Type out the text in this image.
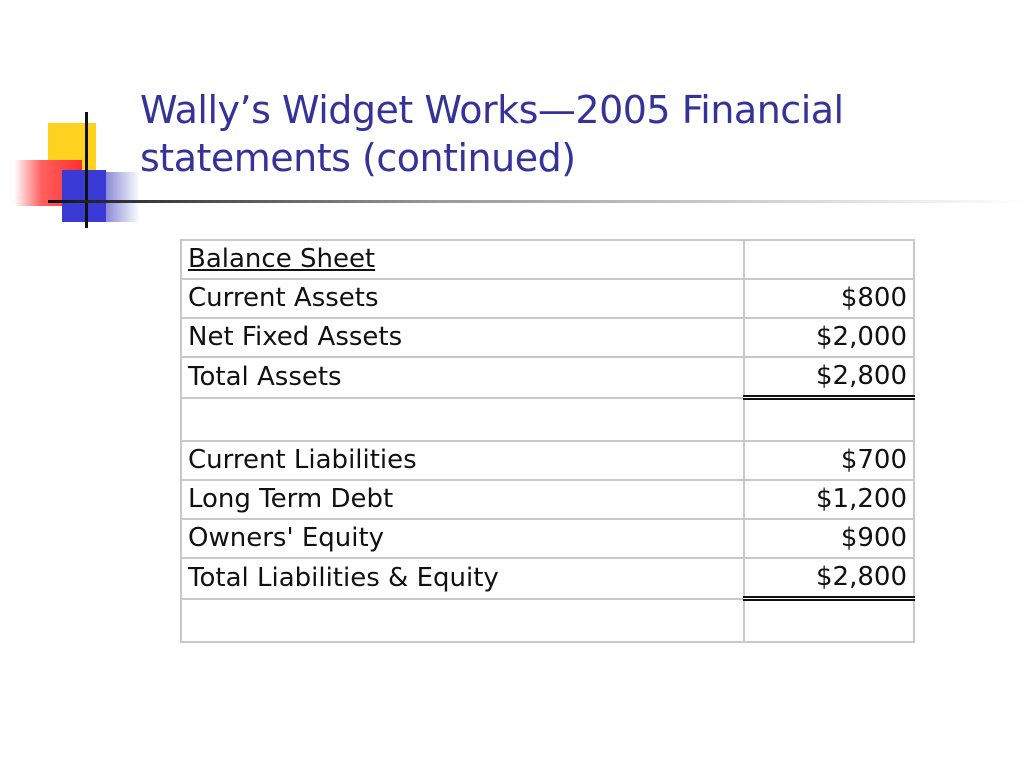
Wally’s Widget Works—2005 Financial statements (continued)
Balance Sheet	
Current Assets	$800
Net Fixed Assets	$2,000
Total Assets	$2,800

Current Liabilities	$700
Long Term Debt	$1,200
Owners' Equity	$900
Total Liabilities & Equity	$2,800
